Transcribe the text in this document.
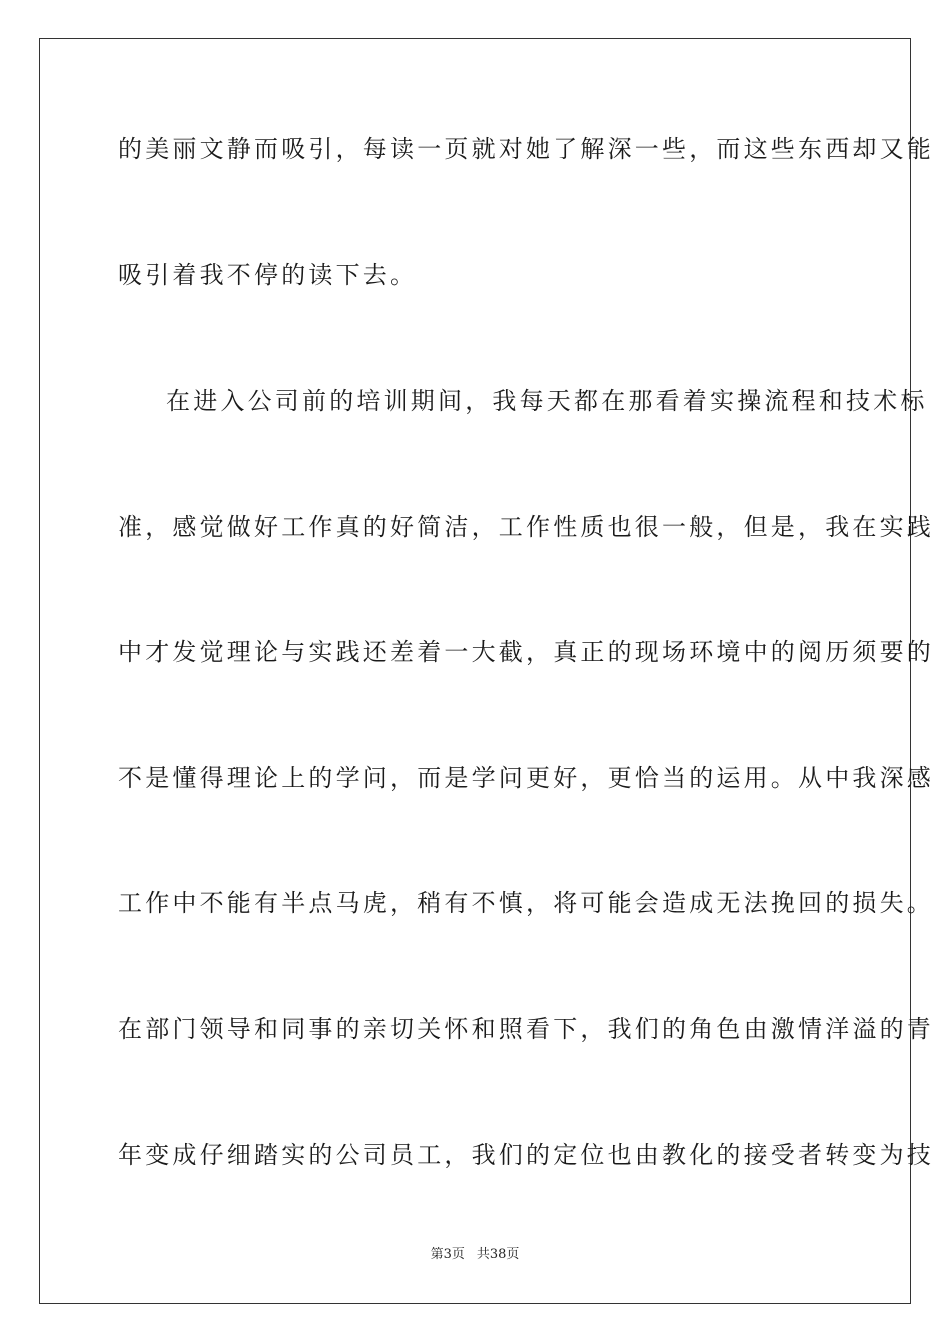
的美丽文静而吸引，每读一页就对她了解深一些，而这些东西却又能
吸引着我不停的读下去。
在进入公司前的培训期间，我每天都在那看着实操流程和技术标
准，感觉做好工作真的好简洁，工作性质也很一般，但是，我在实践
中才发觉理论与实践还差着一大截，真正的现场环境中的阅历须要的
不是懂得理论上的学问，而是学问更好，更恰当的运用。从中我深感
工作中不能有半点马虎，稍有不慎，将可能会造成无法挽回的损失。
在部门领导和同事的亲切关怀和照看下，我们的角色由激情洋溢的青
年变成仔细踏实的公司员工，我们的定位也由教化的接受者转变为技
第3页 共38页
